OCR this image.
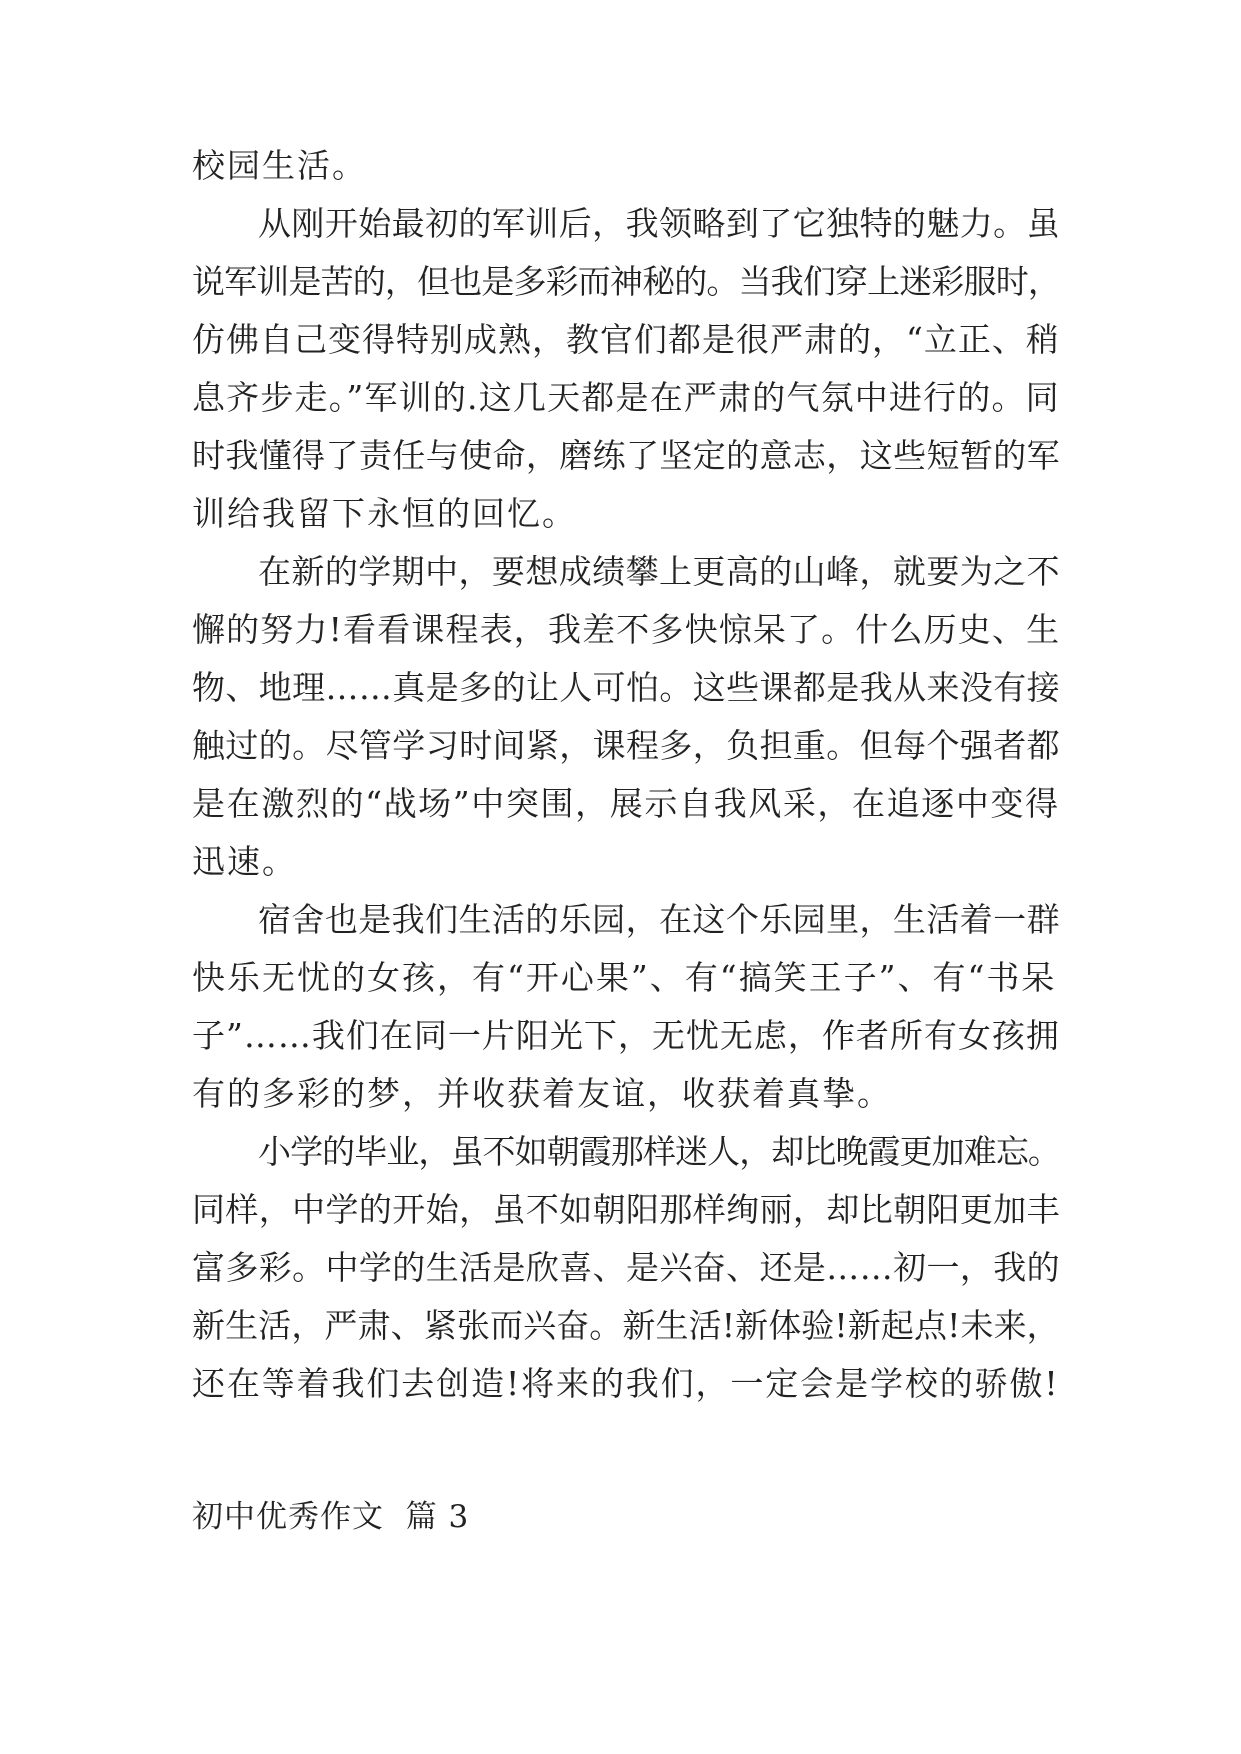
校园生活。
从刚开始最初的军训后，我领略到了它独特的魅力。虽
说军训是苦的，但也是多彩而神秘的。当我们穿上迷彩服时，
仿佛自己变得特别成熟，教官们都是很严肃的，“立正、稍
息齐步走。”军训的.这几天都是在严肃的气氛中进行的。同
时我懂得了责任与使命，磨练了坚定的意志，这些短暂的军
训给我留下永恒的回忆。
在新的学期中，要想成绩攀上更高的山峰，就要为之不
懈的努力!看看课程表，我差不多快惊呆了。什么历史、生
物、地理……真是多的让人可怕。这些课都是我从来没有接
触过的。尽管学习时间紧，课程多，负担重。但每个强者都
是在激烈的“战场”中突围，展示自我风采，在追逐中变得
迅速。
宿舍也是我们生活的乐园，在这个乐园里，生活着一群
快乐无忧的女孩，有“开心果”、有“搞笑王子”、有“书呆
子”……我们在同一片阳光下，无忧无虑，作者所有女孩拥
有的多彩的梦，并收获着友谊，收获着真挚。
小学的毕业，虽不如朝霞那样迷人，却比晚霞更加难忘。
同样，中学的开始，虽不如朝阳那样绚丽，却比朝阳更加丰
富多彩。中学的生活是欣喜、是兴奋、还是……初一，我的
新生活，严肃、紧张而兴奋。新生活!新体验!新起点!未来，
还在等着我们去创造!将来的我们，一定会是学校的骄傲!
初中优秀作文  篇 3
